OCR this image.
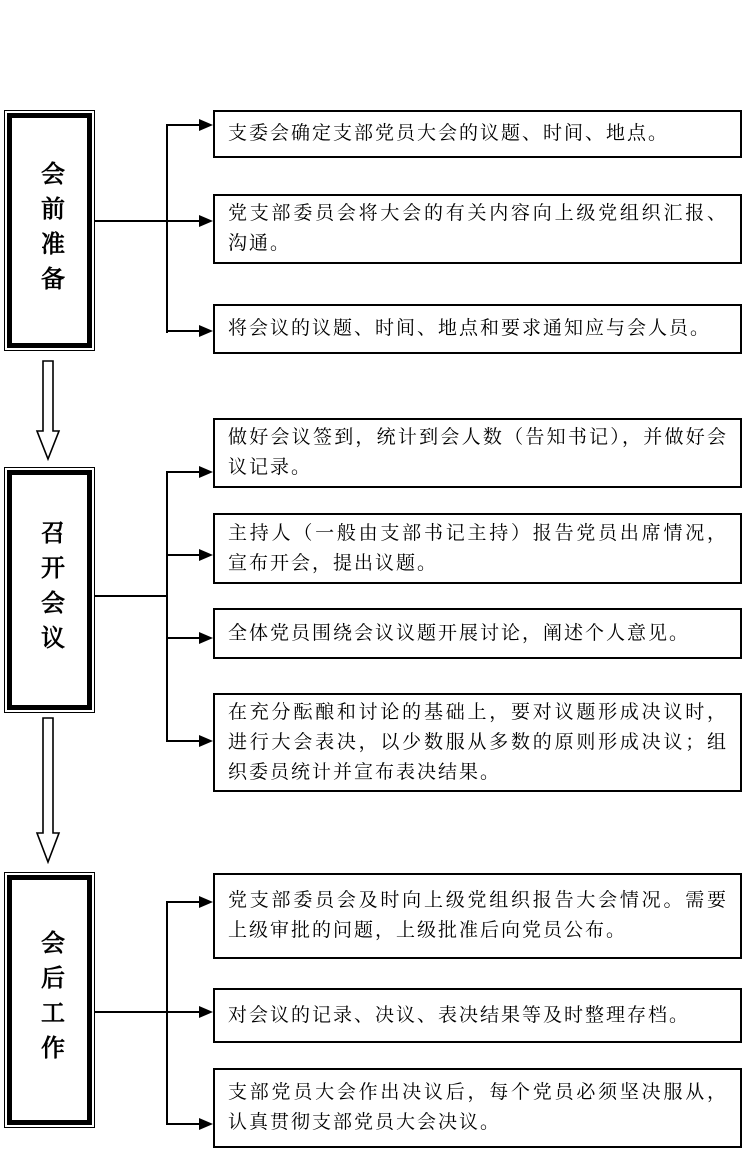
会前准备
支委会确定支部党员大会的议题、时间、地点。
党支部委员会将大会的有关内容向上级党组织汇报、沟通。
将会议的议题、时间、地点和要求通知应与会人员。
召开会议
做好会议签到，统计到会人数（告知书记），并做好会议记录。
主持人（一般由支部书记主持）报告党员出席情况，宣布开会，提出议题。
全体党员围绕会议议题开展讨论，阐述个人意见。
在充分酝酿和讨论的基础上，要对议题形成决议时，进行大会表决，以少数服从多数的原则形成决议；组织委员统计并宣布表决结果。
会后工作
党支部委员会及时向上级党组织报告大会情况。需要上级审批的问题，上级批准后向党员公布。
对会议的记录、决议、表决结果等及时整理存档。
支部党员大会作出决议后，每个党员必须坚决服从，认真贯彻支部党员大会决议。
